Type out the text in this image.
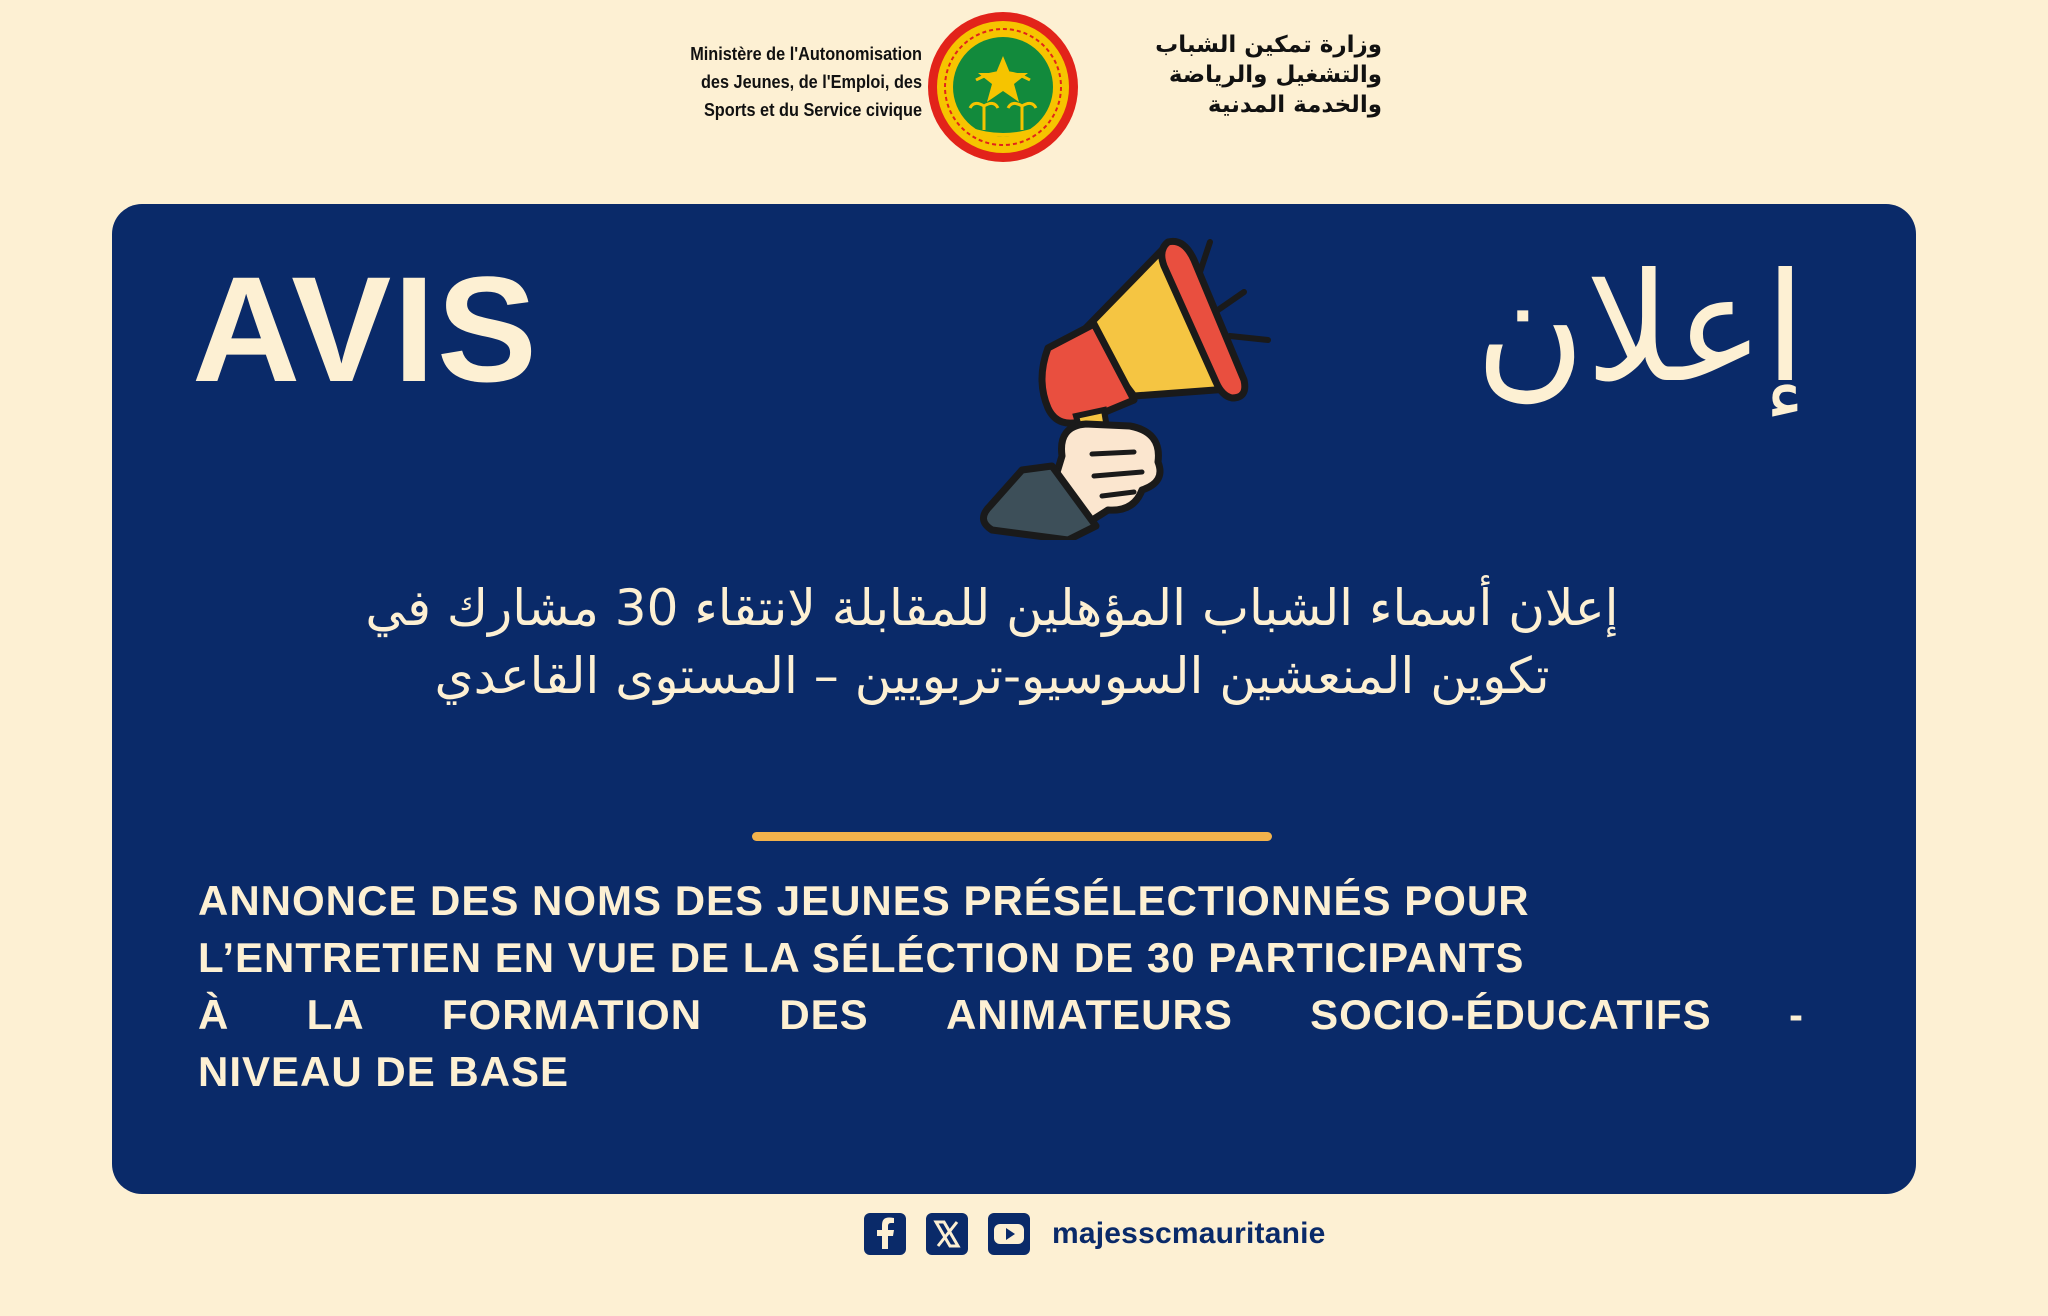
Ministère de l'Autonomisation
des Jeunes, de l'Emploi, des
Sports et du Service civique
وزارة تمكين الشباب
والتشغيل والرياضة
والخدمة المدنية
AVIS	إعلان
إعلان أسماء الشباب المؤهلين للمقابلة لانتقاء 30 مشارك في
تكوين المنعشين السوسيو-تربويين – المستوى القاعدي
ANNONCE DES NOMS DES JEUNES PRÉSÉLECTIONNÉS POUR
L’ENTRETIEN EN VUE DE LA SÉLÉCTION DE 30 PARTICIPANTS
À LA FORMATION DES ANIMATEURS SOCIO-ÉDUCATIFS -
NIVEAU DE BASE
majesscmauritanie
